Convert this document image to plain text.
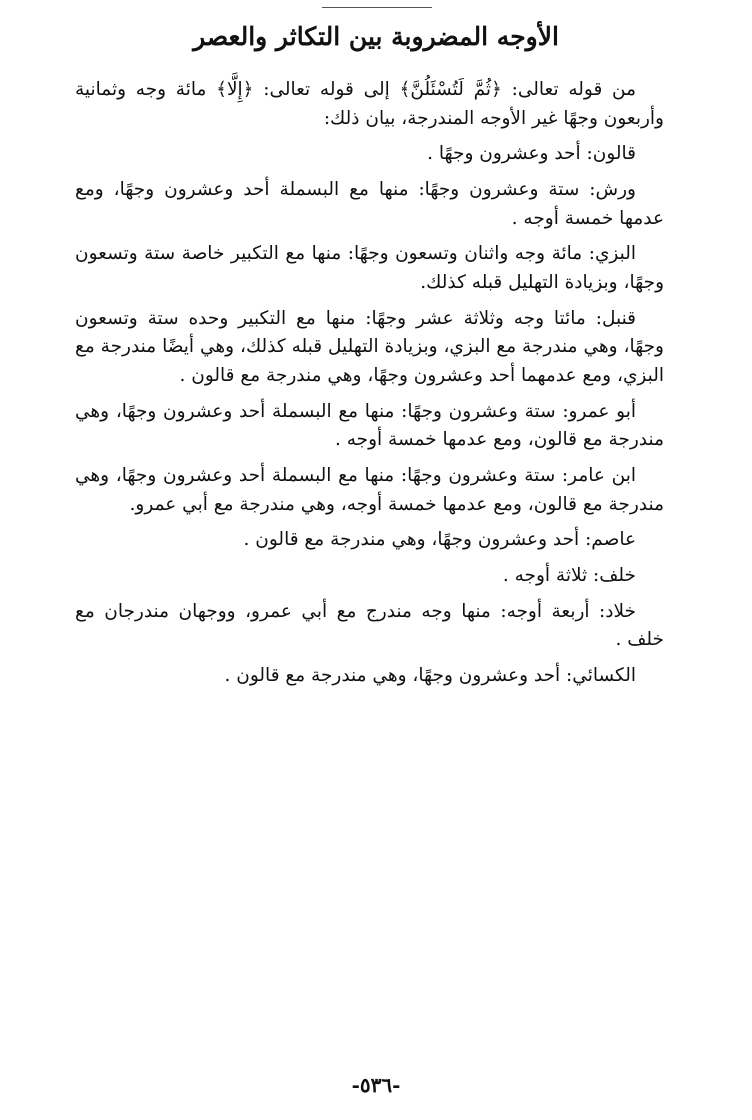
الأوجه المضروبة بين التكاثر والعصر

من قوله تعالى: ﴿ثُمَّ لَتُسْئَلُنَّ﴾ إلى قوله تعالى: ﴿إِلَّا﴾ مائة وجه وثمانية وأربعون وجهًا غير الأوجه المندرجة، بيان ذلك:

قالون: أحد وعشرون وجهًا .

ورش: ستة وعشرون وجهًا: منها مع البسملة أحد وعشرون وجهًا، ومع عدمها خمسة أوجه .

البزي: مائة وجه واثنان وتسعون وجهًا: منها مع التكبير خاصة ستة وتسعون وجهًا، وبزيادة التهليل قبله كذلك.

قنبل: مائتا وجه وثلاثة عشر وجهًا: منها مع التكبير وحده ستة وتسعون وجهًا، وهي مندرجة مع البزي، وبزيادة التهليل قبله كذلك، وهي أيضًا مندرجة مع البزي، ومع عدمهما أحد وعشرون وجهًا، وهي مندرجة مع قالون .

أبو عمرو: ستة وعشرون وجهًا: منها مع البسملة أحد وعشرون وجهًا، وهي مندرجة مع قالون، ومع عدمها خمسة أوجه .

ابن عامر: ستة وعشرون وجهًا: منها مع البسملة أحد وعشرون وجهًا، وهي مندرجة مع قالون، ومع عدمها خمسة أوجه، وهي مندرجة مع أبي عمرو.

عاصم: أحد وعشرون وجهًا، وهي مندرجة مع قالون .

خلف: ثلاثة أوجه .

خلاد: أربعة أوجه: منها وجه مندرج مع أبي عمرو، ووجهان مندرجان مع خلف .

الكسائي: أحد وعشرون وجهًا، وهي مندرجة مع قالون .

-٥٣٦-
